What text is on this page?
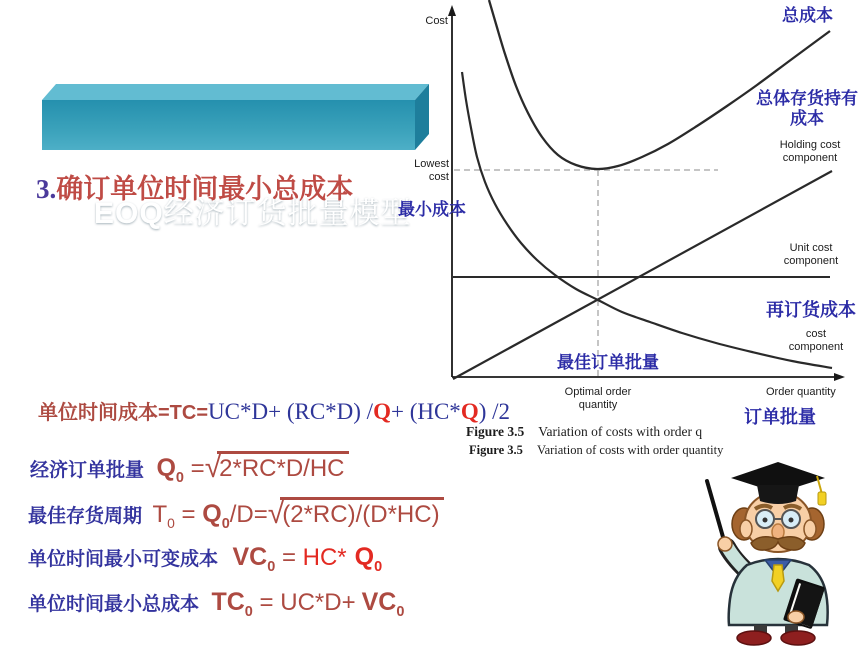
EOQ经济订货批量模型
3.确订单位时间最小总成本
Cost
Lowest
cost
最小成本
总成本
总体存货持有
成本
Holding cost
component
Unit cost
component
再订货成本
cost
component
最佳订单批量
Optimal order
quantity
Order quantity
订单批量
Figure 3.5 Variation of costs with order q
Figure 3.5 Variation of costs with order quantity
单位时间成本=TC=UC*D+ (RC*D) /Q+ (HC*Q) /2
经济订单批量 $Q_0 =√2*RC*D/HC$
最佳存货周期 $T_0 = Q_0/D=√(2*RC)/(D*HC)$
单位时间最小可变成本 $VC_0 = HC*$ $Q_0$
单位时间最小总成本 $TC_0 = UC*D+ VC_0$
